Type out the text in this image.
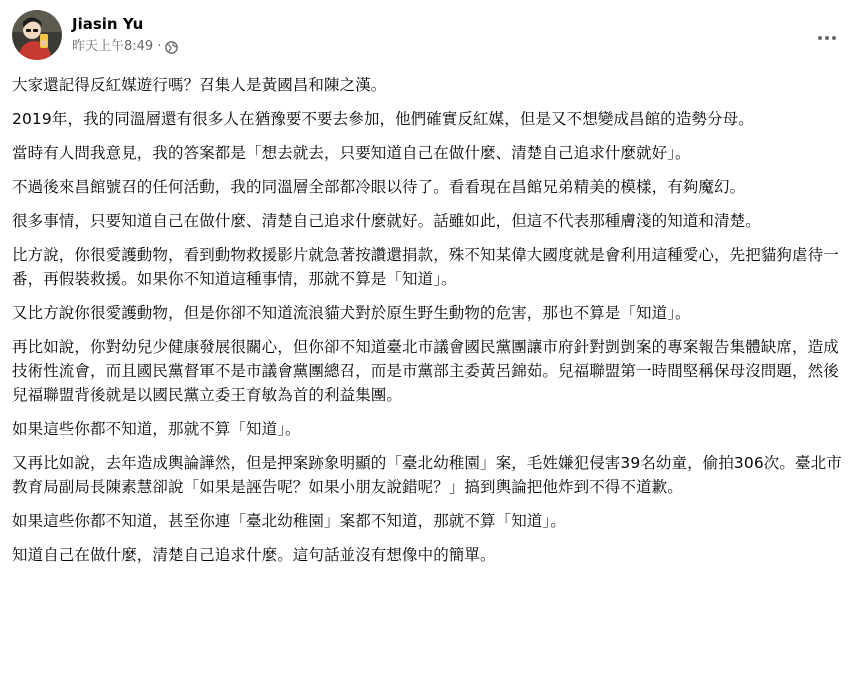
Jiasin Yu
昨天上午8:49 ·

大家還記得反紅媒遊行嗎？召集人是黃國昌和陳之漢。

2019年，我的同溫層還有很多人在猶豫要不要去參加，他們確實反紅媒，但是又不想變成昌館的造勢分母。

當時有人問我意見，我的答案都是「想去就去，只要知道自己在做什麼、清楚自己追求什麼就好」。

不過後來昌館號召的任何活動，我的同溫層全部都冷眼以待了。看看現在昌館兄弟精美的模樣，有夠魔幻。

很多事情，只要知道自己在做什麼、清楚自己追求什麼就好。話雖如此，但這不代表那種膚淺的知道和清楚。

比方說，你很愛護動物，看到動物救援影片就急著按讚還捐款，殊不知某偉大國度就是會利用這種愛心，先把貓狗虐待一番，再假裝救援。如果你不知道這種事情，那就不算是「知道」。

又比方說你很愛護動物，但是你卻不知道流浪貓犬對於原生野生動物的危害，那也不算是「知道」。

再比如說，你對幼兒少健康發展很關心，但你卻不知道臺北市議會國民黨團讓市府針對剴剴案的專案報告集體缺席，造成技術性流會，而且國民黨督軍不是市議會黨團總召，而是市黨部主委黃呂錦茹。兒福聯盟第一時間堅稱保母沒問題，然後兒福聯盟背後就是以國民黨立委王育敏為首的利益集團。

如果這些你都不知道，那就不算「知道」。

又再比如說，去年造成輿論譁然，但是押案跡象明顯的「臺北幼稚園」案，毛姓嫌犯侵害39名幼童，偷拍306次。臺北市教育局副局長陳素慧卻說「如果是誣告呢？如果小朋友說錯呢？」搞到輿論把他炸到不得不道歉。

如果這些你都不知道，甚至你連「臺北幼稚園」案都不知道，那就不算「知道」。

知道自己在做什麼，清楚自己追求什麼。這句話並沒有想像中的簡單。
